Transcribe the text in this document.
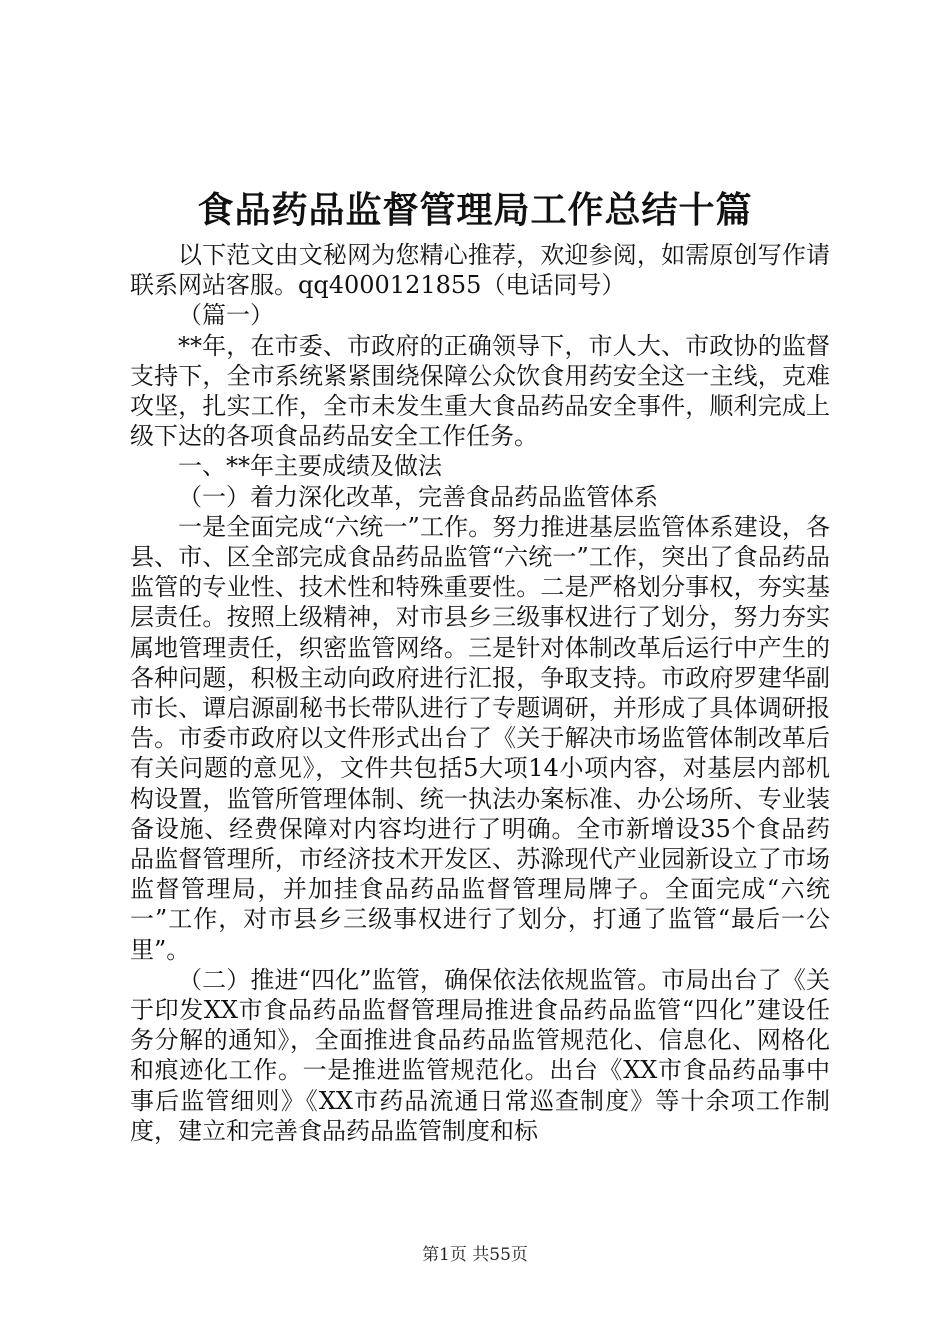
食品药品监督管理局工作总结十篇

以下范文由文秘网为您精心推荐，欢迎参阅，如需原创写作请联系网站客服。qq4000121855（电话同号）

（篇一）

**年，在市委、市政府的正确领导下，市人大、市政协的监督支持下，全市系统紧紧围绕保障公众饮食用药安全这一主线，克难攻坚，扎实工作，全市未发生重大食品药品安全事件，顺利完成上级下达的各项食品药品安全工作任务。

一、**年主要成绩及做法

（一）着力深化改革，完善食品药品监管体系

一是全面完成“六统一”工作。努力推进基层监管体系建设，各县、市、区全部完成食品药品监管“六统一”工作，突出了食品药品监管的专业性、技术性和特殊重要性。二是严格划分事权，夯实基层责任。按照上级精神，对市县乡三级事权进行了划分，努力夯实属地管理责任，织密监管网络。三是针对体制改革后运行中产生的各种问题，积极主动向政府进行汇报，争取支持。市政府罗建华副市长、谭启源副秘书长带队进行了专题调研，并形成了具体调研报告。市委市政府以文件形式出台了《关于解决市场监管体制改革后有关问题的意见》，文件共包括5大项14小项内容，对基层内部机构设置，监管所管理体制、统一执法办案标准、办公场所、专业装备设施、经费保障对内容均进行了明确。全市新增设35个食品药品监督管理所，市经济技术开发区、苏滁现代产业园新设立了市场监督管理局，并加挂食品药品监督管理局牌子。全面完成“六统一”工作，对市县乡三级事权进行了划分，打通了监管“最后一公里”。

（二）推进“四化”监管，确保依法依规监管。市局出台了《关于印发XX市食品药品监督管理局推进食品药品监管“四化”建设任务分解的通知》，全面推进食品药品监管规范化、信息化、网格化和痕迹化工作。一是推进监管规范化。出台《XX市食品药品事中事后监管细则》《XX市药品流通日常巡查制度》等十余项工作制度，建立和完善食品药品监管制度和标

第1页 共55页
